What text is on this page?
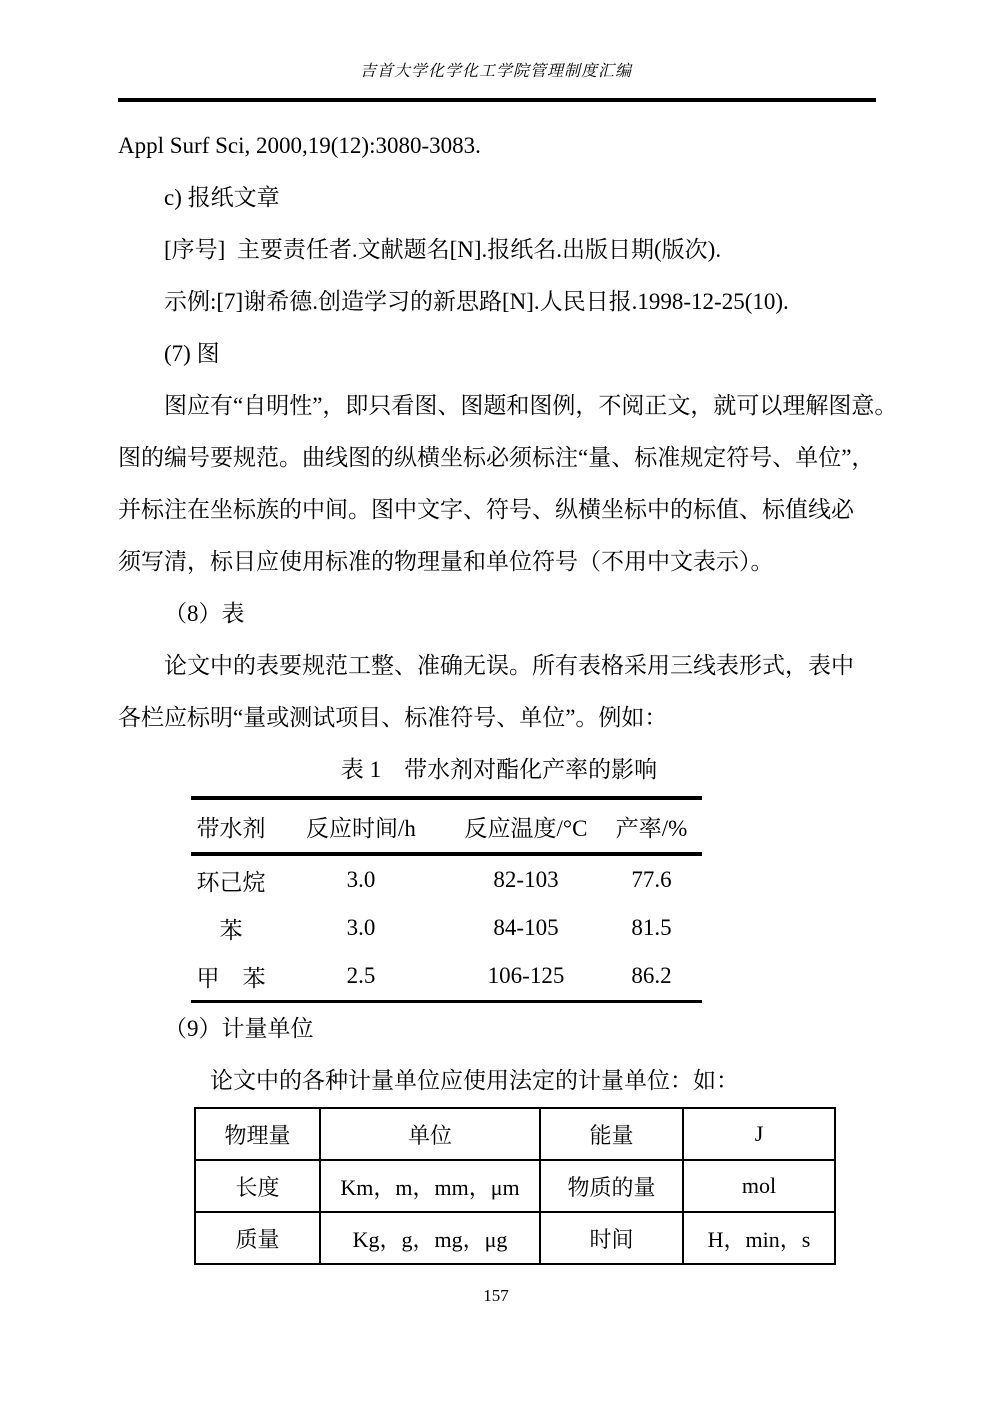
吉首大学化学化工学院管理制度汇编

Appl Surf Sci, 2000,19(12):3080-3083.

c) 报纸文章

[序号]  主要责任者.文献题名[N].报纸名.出版日期(版次).

示例:[7]谢希德.创造学习的新思路[N].人民日报.1998-12-25(10).

(7) 图

图应有“自明性”，即只看图、图题和图例，不阅正文，就可以理解图意。

图的编号要规范。曲线图的纵横坐标必须标注“量、标准规定符号、单位”，

并标注在坐标族的中间。图中文字、符号、纵横坐标中的标值、标值线必

须写清，标目应使用标准的物理量和单位符号（不用中文表示）。

（8）表

论文中的表要规范工整、准确无误。所有表格采用三线表形式，表中

各栏应标明“量或测试项目、标准符号、单位”。例如：

表 1　带水剂对酯化产率的影响

带水剂	反应时间/h	反应温度/°C	产率/%
环己烷	3.0	82-103	77.6
苯	3.0	84-105	81.5
甲　苯	2.5	106-125	86.2

（9）计量单位

论文中的各种计量单位应使用法定的计量单位：如：

物理量	单位	能量	J
长度	Km，m，mm，μm	物质的量	mol
质量	Kg，g，mg，μg	时间	H，min，s
157
